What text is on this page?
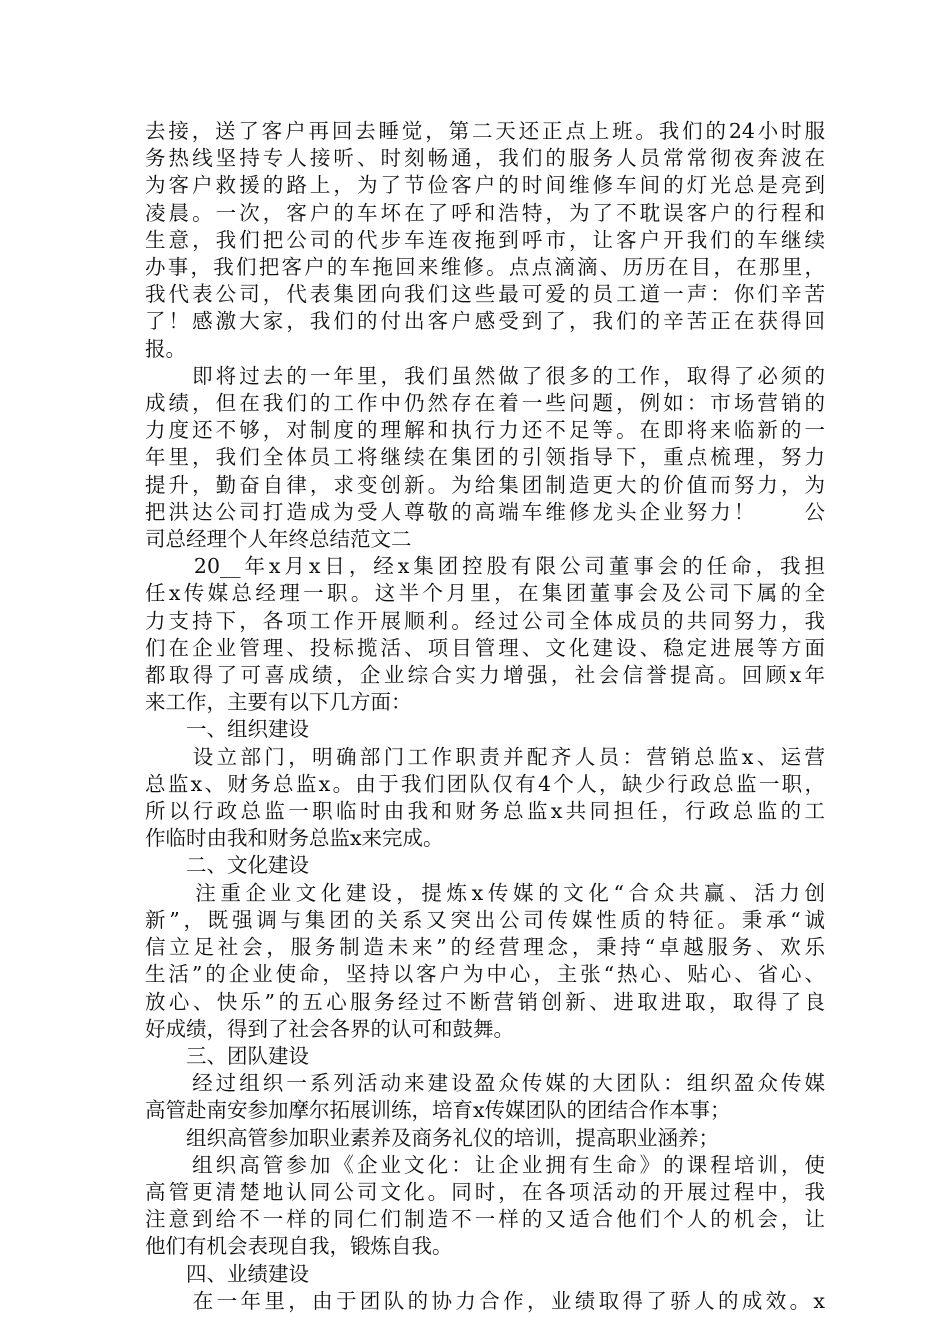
去接，送了客户再回去睡觉，第二天还正点上班。我们的24小时服
务热线坚持专人接听、时刻畅通，我们的服务人员常常彻夜奔波在
为客户救援的路上，为了节俭客户的时间维修车间的灯光总是亮到
凌晨。一次，客户的车坏在了呼和浩特，为了不耽误客户的行程和
生意，我们把公司的代步车连夜拖到呼市，让客户开我们的车继续
办事，我们把客户的车拖回来维修。点点滴滴、历历在目，在那里，
我代表公司，代表集团向我们这些最可爱的员工道一声：你们辛苦
了！感激大家，我们的付出客户感受到了，我们的辛苦正在获得回
报。
　　即将过去的一年里，我们虽然做了很多的工作，取得了必须的
成绩，但在我们的工作中仍然存在着一些问题，例如：市场营销的
力度还不够，对制度的理解和执行力还不足等。在即将来临新的一
年里，我们全体员工将继续在集团的引领指导下，重点梳理，努力
提升，勤奋自律，求变创新。为给集团制造更大的价值而努力，为
把洪达公司打造成为受人尊敬的高端车维修龙头企业努力！　　公
司总经理个人年终总结范文二
　　20__年x月x日，经x集团控股有限公司董事会的任命，我担
任x传媒总经理一职。这半个月里，在集团董事会及公司下属的全
力支持下，各项工作开展顺利。经过公司全体成员的共同努力，我
们在企业管理、投标揽活、项目管理、文化建设、稳定进展等方面
都取得了可喜成绩，企业综合实力增强，社会信誉提高。回顾x年
来工作，主要有以下几方面：
　　一、组织建设
　　设立部门，明确部门工作职责并配齐人员：营销总监x、运营
总监x、财务总监x。由于我们团队仅有4个人，缺少行政总监一职，
所以行政总监一职临时由我和财务总监x共同担任，行政总监的工
作临时由我和财务总监x来完成。
　　二、文化建设
　　注重企业文化建设，提炼x传媒的文化“合众共赢、活力创
新”，既强调与集团的关系又突出公司传媒性质的特征。秉承“诚
信立足社会，服务制造未来”的经营理念，秉持“卓越服务、欢乐
生活”的企业使命，坚持以客户为中心，主张“热心、贴心、省心、
放心、快乐”的五心服务经过不断营销创新、进取进取，取得了良
好成绩，得到了社会各界的认可和鼓舞。
　　三、团队建设
　　经过组织一系列活动来建设盈众传媒的大团队：组织盈众传媒
高管赴南安参加摩尔拓展训练，培育x传媒团队的团结合作本事；
　　组织高管参加职业素养及商务礼仪的培训，提高职业涵养；
　　组织高管参加《企业文化：让企业拥有生命》的课程培训，使
高管更清楚地认同公司文化。同时，在各项活动的开展过程中，我
注意到给不一样的同仁们制造不一样的又适合他们个人的机会，让
他们有机会表现自我，锻炼自我。
　　四、业绩建设
　　在一年里，由于团队的协力合作，业绩取得了骄人的成效。x
